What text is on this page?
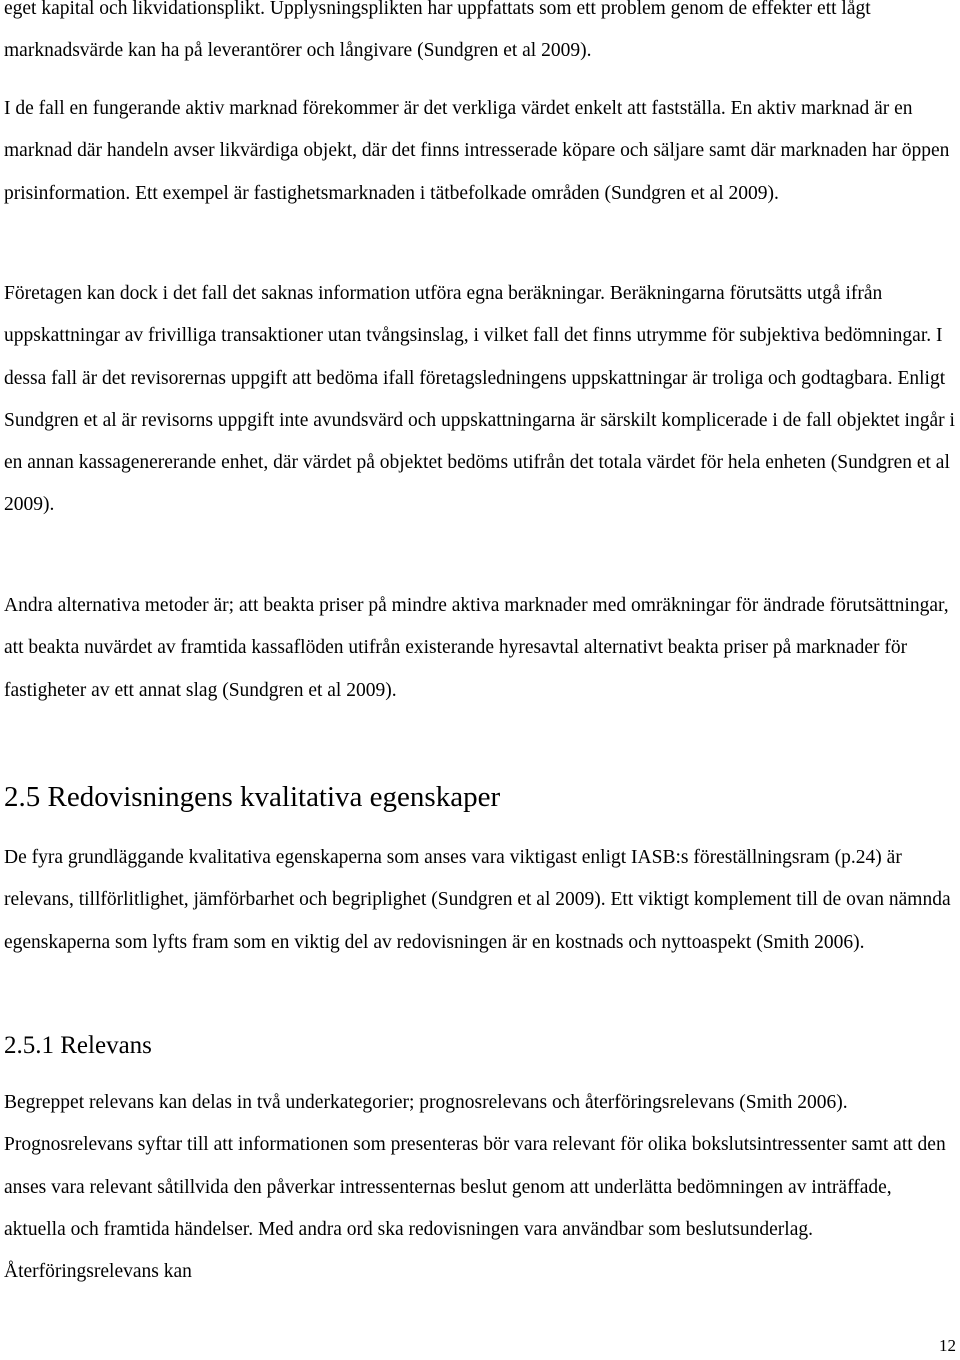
eget kapital och likvidationsplikt. Upplysningsplikten har uppfattats som ett problem genom de effekter ett lågt marknadsvärde kan ha på leverantörer och långivare (Sundgren et al 2009).

I de fall en fungerande aktiv marknad förekommer är det verkliga värdet enkelt att fastställa. En aktiv marknad är en marknad där handeln avser likvärdiga objekt, där det finns intresserade köpare och säljare samt där marknaden har öppen prisinformation. Ett exempel är fastighetsmarknaden i tätbefolkade områden (Sundgren et al 2009).

Företagen kan dock i det fall det saknas information utföra egna beräkningar. Beräkningarna förutsätts utgå ifrån uppskattningar av frivilliga transaktioner utan tvångsinslag, i vilket fall det finns utrymme för subjektiva bedömningar. I dessa fall är det revisorernas uppgift att bedöma ifall företagsledningens uppskattningar är troliga och godtagbara. Enligt Sundgren et al är revisorns uppgift inte avundsvärd och uppskattningarna är särskilt komplicerade i de fall objektet ingår i en annan kassagenererande enhet, där värdet på objektet bedöms utifrån det totala värdet för hela enheten (Sundgren et al 2009).

Andra alternativa metoder är; att beakta priser på mindre aktiva marknader med omräkningar för ändrade förutsättningar, att beakta nuvärdet av framtida kassaflöden utifrån existerande hyresavtal alternativt beakta priser på marknader för fastigheter av ett annat slag (Sundgren et al 2009).

2.5 Redovisningens kvalitativa egenskaper

De fyra grundläggande kvalitativa egenskaperna som anses vara viktigast enligt IASB:s föreställningsram (p.24) är relevans, tillförlitlighet, jämförbarhet och begriplighet (Sundgren et al 2009). Ett viktigt komplement till de ovan nämnda egenskaperna som lyfts fram som en viktig del av redovisningen är en kostnads och nyttoaspekt (Smith 2006).

2.5.1 Relevans

Begreppet relevans kan delas in två underkategorier; prognosrelevans och återföringsrelevans (Smith 2006). Prognosrelevans syftar till att informationen som presenteras bör vara relevant för olika bokslutsintressenter samt att den anses vara relevant såtillvida den påverkar intressenternas beslut genom att underlätta bedömningen av inträffade, aktuella och framtida händelser. Med andra ord ska redovisningen vara användbar som beslutsunderlag. Återföringsrelevans kan

12
